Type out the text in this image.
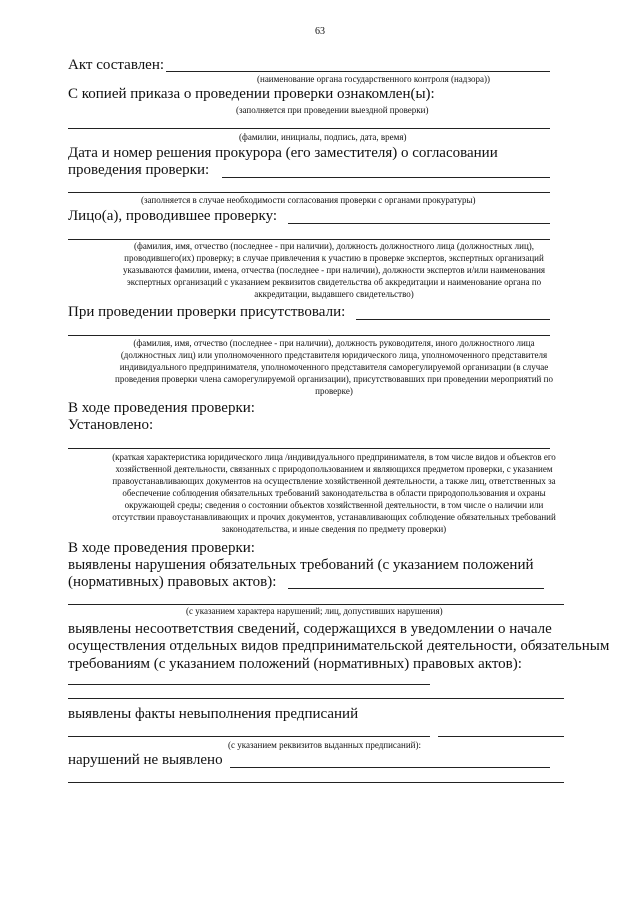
63
Акт составлен:
(наименование органа государственного контроля (надзора))
С копией приказа о проведении проверки ознакомлен(ы):
(заполняется при проведении выездной проверки)
(фамилии, инициалы, подпись, дата, время)
Дата и номер решения прокурора (его заместителя) о согласовании
проведения проверки:
(заполняется в случае необходимости согласования проверки с органами прокуратуры)
Лицо(а), проводившее проверку:
(фамилия, имя, отчество (последнее - при наличии), должность должностного лица (должностных лиц),
проводившего(их) проверку; в случае привлечения к участию в проверке экспертов, экспертных организаций
указываются фамилии, имена, отчества (последнее - при наличии), должности экспертов и/или наименования
экспертных организаций с указанием реквизитов свидетельства об аккредитации и наименование органа по
аккредитации, выдавшего свидетельство)
При проведении проверки присутствовали:
(фамилия, имя, отчество (последнее - при наличии), должность руководителя, иного должностного лица
(должностных лиц) или уполномоченного представителя юридического лица, уполномоченного представителя
индивидуального предпринимателя, уполномоченного представителя саморегулируемой организации (в случае
проведения проверки члена саморегулируемой организации), присутствовавших при проведении мероприятий по
проверке)
В ходе проведения проверки:
Установлено:
(краткая характеристика юридического лица /индивидуального предпринимателя, в том числе видов и объектов его
хозяйственной деятельности, связанных с природопользованием и являющихся предметом проверки, с указанием
правоустанавливающих документов на осуществление хозяйственной деятельности, а также лиц, ответственных за
обеспечение соблюдения обязательных требований законодательства в области природопользования и охраны
окружающей среды; сведения о состоянии объектов хозяйственной деятельности, в том числе о наличии или
отсутствии правоустанавливающих и прочих документов, устанавливающих соблюдение обязательных требований
законодательства, и иные сведения по предмету проверки)
В ходе проведения проверки:
выявлены нарушения обязательных требований (с указанием положений
(нормативных) правовых актов):
(с указанием характера нарушений; лиц, допустивших нарушения)
выявлены несоответствия сведений, содержащихся в уведомлении о начале
осуществления отдельных видов предпринимательской деятельности, обязательным
требованиям (с указанием положений (нормативных) правовых актов):
выявлены факты невыполнения предписаний
(с указанием реквизитов выданных предписаний):
нарушений не выявлено
